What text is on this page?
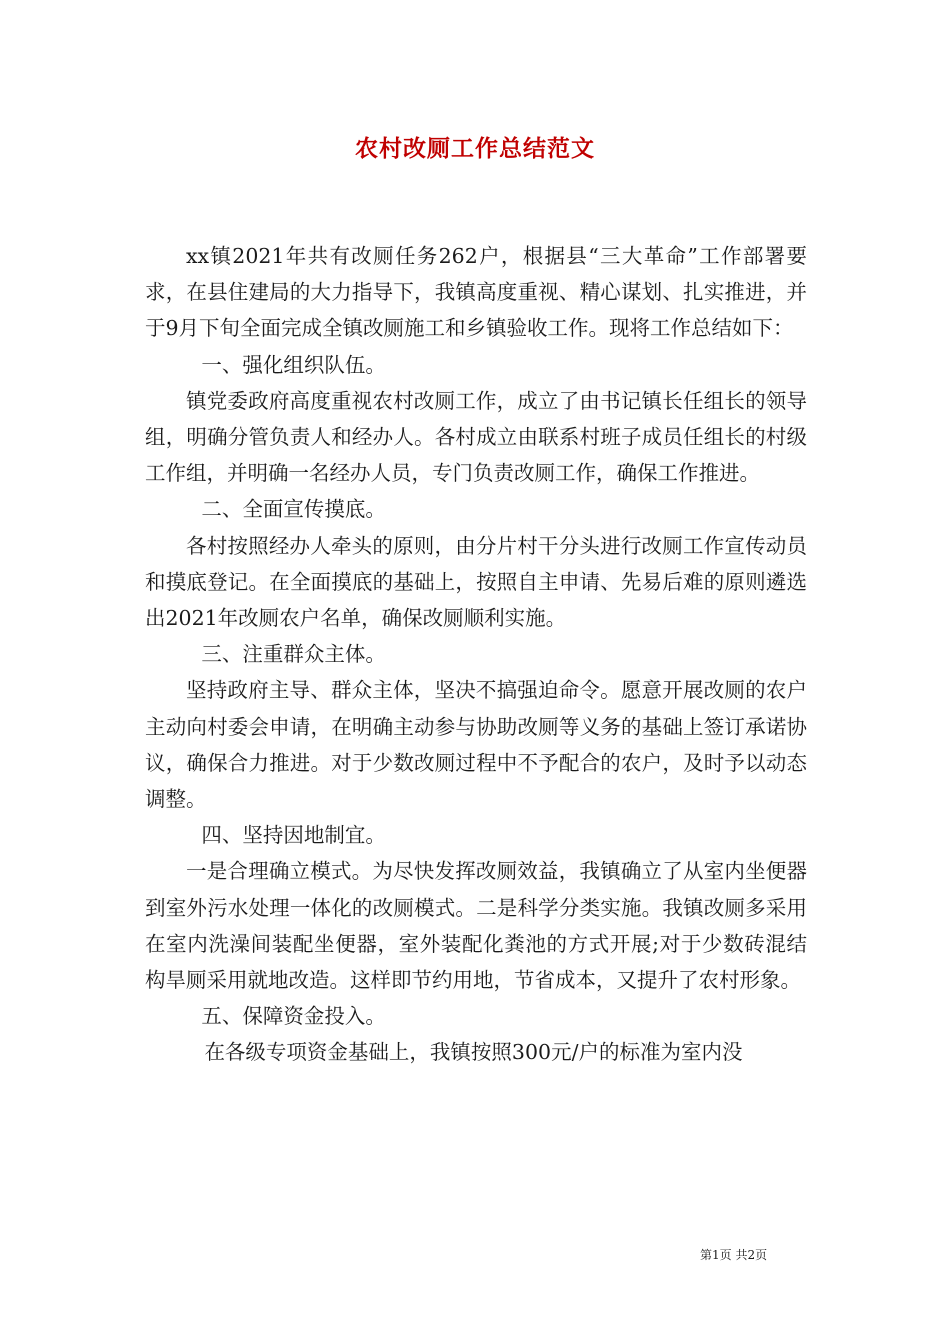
农村改厕工作总结范文

xx镇2021年共有改厕任务262户，根据县“三大革命”工作部署要求，在县住建局的大力指导下，我镇高度重视、精心谋划、扎实推进，并于9月下旬全面完成全镇改厕施工和乡镇验收工作。现将工作总结如下：

一、强化组织队伍。

镇党委政府高度重视农村改厕工作，成立了由书记镇长任组长的领导组，明确分管负责人和经办人。各村成立由联系村班子成员任组长的村级工作组，并明确一名经办人员，专门负责改厕工作，确保工作推进。

二、全面宣传摸底。

各村按照经办人牵头的原则，由分片村干分头进行改厕工作宣传动员和摸底登记。在全面摸底的基础上，按照自主申请、先易后难的原则遴选出2021年改厕农户名单，确保改厕顺利实施。

三、注重群众主体。

坚持政府主导、群众主体，坚决不搞强迫命令。愿意开展改厕的农户主动向村委会申请，在明确主动参与协助改厕等义务的基础上签订承诺协议，确保合力推进。对于少数改厕过程中不予配合的农户，及时予以动态调整。

四、坚持因地制宜。

一是合理确立模式。为尽快发挥改厕效益，我镇确立了从室内坐便器到室外污水处理一体化的改厕模式。二是科学分类实施。我镇改厕多采用在室内洗澡间装配坐便器，室外装配化粪池的方式开展;对于少数砖混结构旱厕采用就地改造。这样即节约用地，节省成本，又提升了农村形象。

五、保障资金投入。

在各级专项资金基础上，我镇按照300元/户的标准为室内没

第1页 共2页
